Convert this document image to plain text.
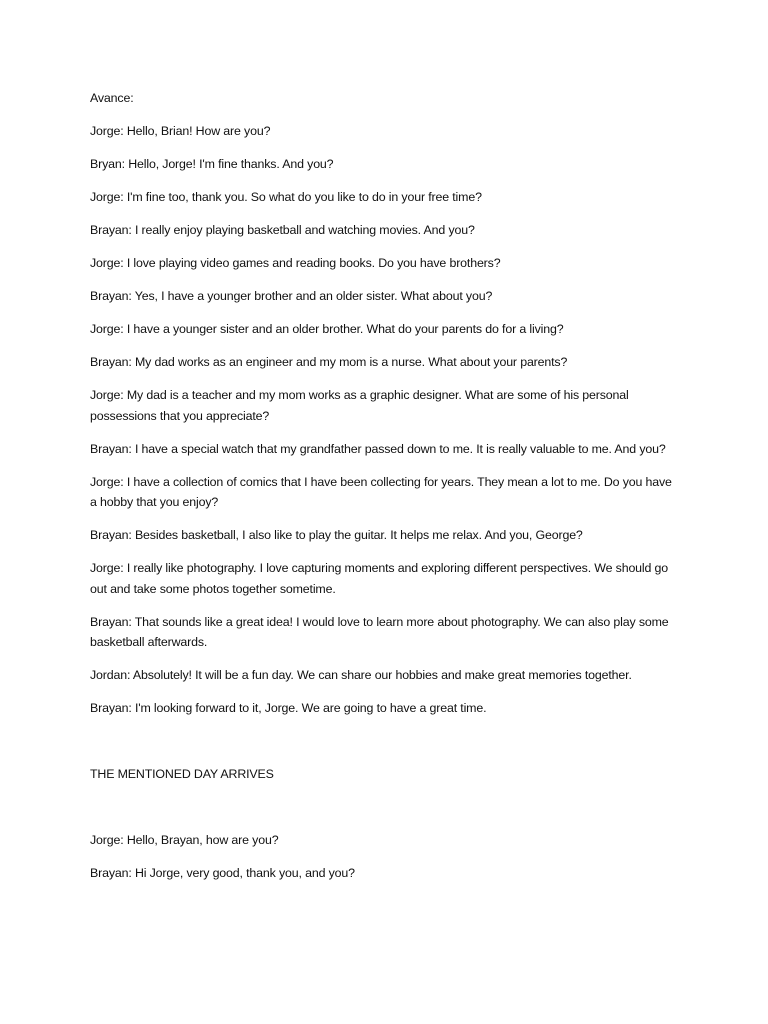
Avance:

Jorge: Hello, Brian! How are you?

Bryan: Hello, Jorge! I'm fine thanks. And you?

Jorge: I'm fine too, thank you. So what do you like to do in your free time?

Brayan: I really enjoy playing basketball and watching movies. And you?

Jorge: I love playing video games and reading books. Do you have brothers?

Brayan: Yes, I have a younger brother and an older sister. What about you?

Jorge: I have a younger sister and an older brother. What do your parents do for a living?

Brayan: My dad works as an engineer and my mom is a nurse. What about your parents?

Jorge: My dad is a teacher and my mom works as a graphic designer. What are some of his personal possessions that you appreciate?

Brayan: I have a special watch that my grandfather passed down to me. It is really valuable to me. And you?

Jorge: I have a collection of comics that I have been collecting for years. They mean a lot to me. Do you have a hobby that you enjoy?

Brayan: Besides basketball, I also like to play the guitar. It helps me relax. And you, George?

Jorge: I really like photography. I love capturing moments and exploring different perspectives. We should go out and take some photos together sometime.

Brayan: That sounds like a great idea! I would love to learn more about photography. We can also play some basketball afterwards.

Jordan: Absolutely! It will be a fun day. We can share our hobbies and make great memories together.

Brayan: I'm looking forward to it, Jorge. We are going to have a great time.

THE MENTIONED DAY ARRIVES

Jorge: Hello, Brayan, how are you?

Brayan: Hi Jorge, very good, thank you, and you?
